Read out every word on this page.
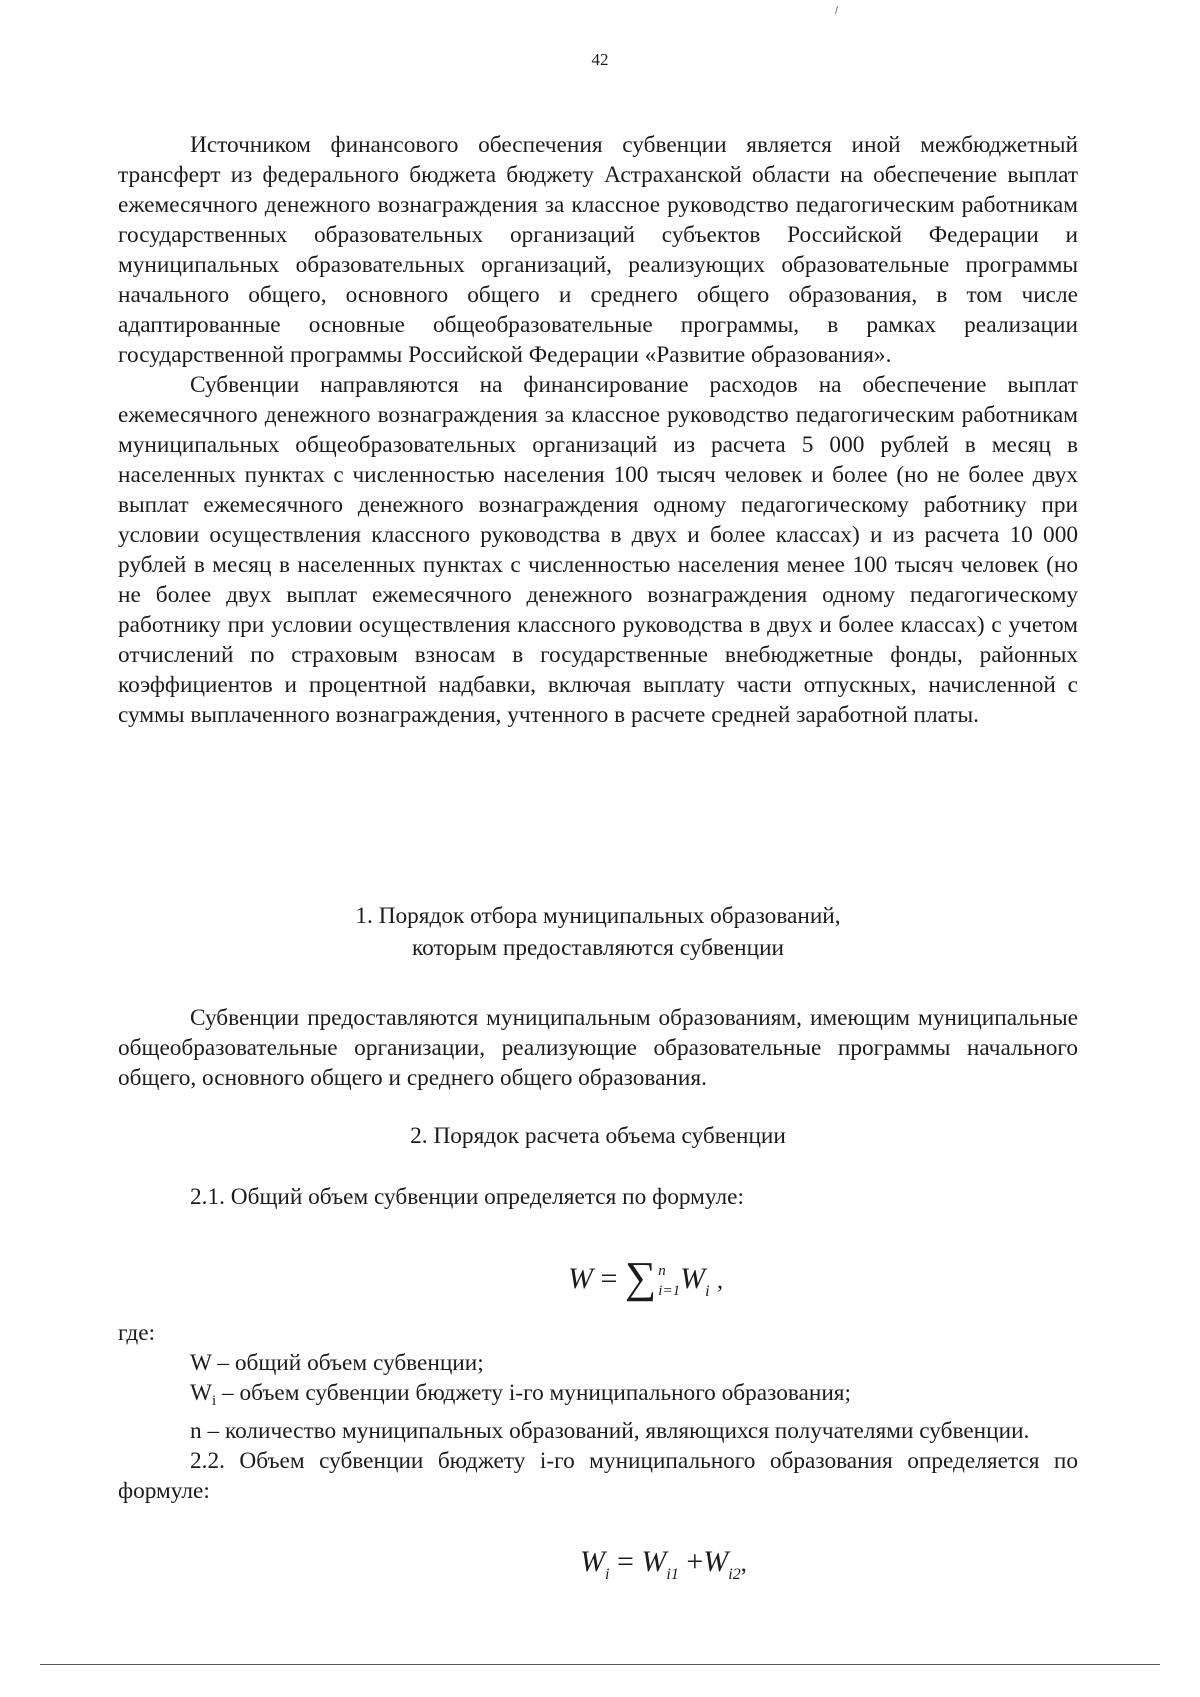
42

Источником финансового обеспечения субвенции является иной межбюджетный трансферт из федерального бюджета бюджету Астраханской области на обеспечение выплат ежемесячного денежного вознаграждения за классное руководство педагогическим работникам государственных образовательных организаций субъектов Российской Федерации и муниципальных образовательных организаций, реализующих образовательные программы начального общего, основного общего и среднего общего образования, в том числе адаптированные основные общеобразовательные программы, в рамках реализации государственной программы Российской Федерации «Развитие образования».

Субвенции направляются на финансирование расходов на обеспечение выплат ежемесячного денежного вознаграждения за классное руководство педагогическим работникам муниципальных общеобразовательных организаций из расчета 5 000 рублей в месяц в населенных пунктах с численностью населения 100 тысяч человек и более (но не более двух выплат ежемесячного денежного вознаграждения одному педагогическому работнику при условии осуществления классного руководства в двух и более классах) и из расчета 10 000 рублей в месяц в населенных пунктах с численностью населения менее 100 тысяч человек (но не более двух выплат ежемесячного денежного вознаграждения одному педагогическому работнику при условии осуществления классного руководства в двух и более классах) с учетом отчислений по страховым взносам в государственные внебюджетные фонды, районных коэффициентов и процентной надбавки, включая выплату части отпускных, начисленной с суммы выплаченного вознаграждения, учтенного в расчете средней заработной платы.

1. Порядок отбора муниципальных образований,
которым предоставляются субвенции

Субвенции предоставляются муниципальным образованиям, имеющим муниципальные общеобразовательные организации, реализующие образовательные программы начального общего, основного общего и среднего общего образования.

2. Порядок расчета объема субвенции

2.1. Общий объем субвенции определяется по формуле:

W = ∑ n
i=1 $W_i$ ,

где:

W – общий объем субвенции;

$W_i$ – объем субвенции бюджету i-го муниципального образования;

n – количество муниципальных образований, являющихся получателями субвенции.

2.2. Объем субвенции бюджету i-го муниципального образования определяется по формуле:

$W_i = W_{i1} +W_{i2}$,
